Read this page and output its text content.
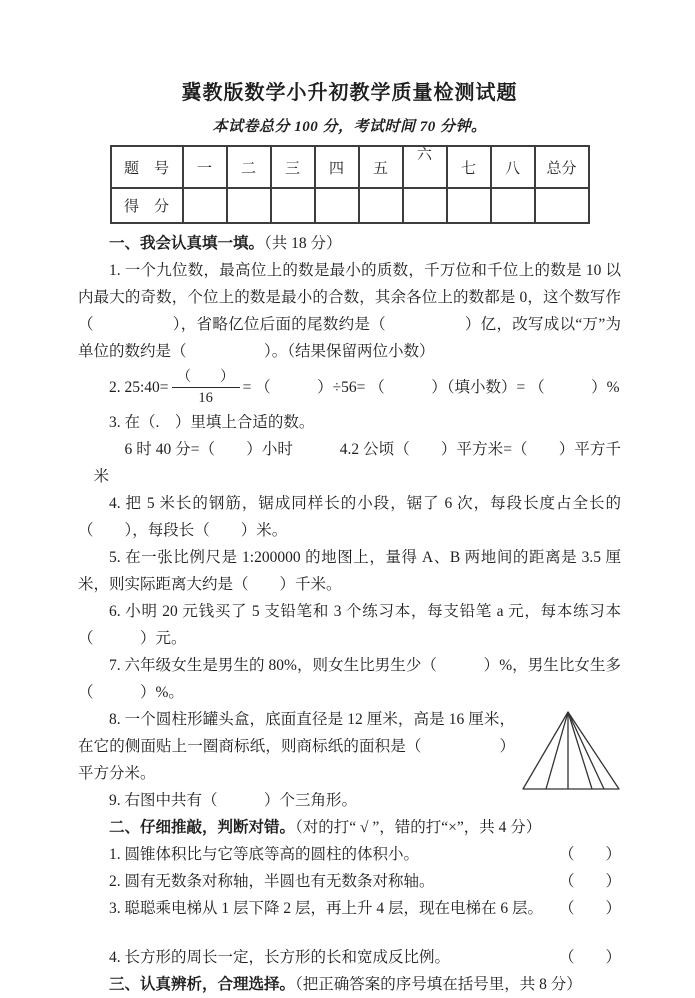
冀教版数学小升初教学质量检测试题
本试卷总分 100 分，考试时间 70 分钟。
题　号	一	二	三	四	五	六	七	八	总分
得　分									

一、我会认真填一填。（共 18 分）

1. 一个九位数，最高位上的数是最小的质数，千万位和千位上的数是 10 以内最大的奇数，个位上的数是最小的合数，其余各位上的数都是 0，这个数写作（　　　　　），省略亿位后面的尾数约是（　　　　　）亿，改写成以“万”为单位的数约是（　　　　　）。（结果保留两位小数）

2. 25:40= $\frac{( )}{16}$ = （　　　）÷56= （　　　）（填小数）= （　　　）%

3. 在（.　）里填上合适的数。

6 时 40 分=（　　）小时　　　4.2 公顷（　　）平方米=（　　）平方千米

4. 把 5 米长的钢筋，锯成同样长的小段，锯了 6 次，每段长度占全长的（　　），每段长（　　）米。

5. 在一张比例尺是 1:200000 的地图上，量得 A、B 两地间的距离是 3.5 厘米，则实际距离大约是（　　）千米。

6. 小明 20 元钱买了 5 支铅笔和 3 个练习本，每支铅笔 a 元，每本练习本（　　　）元。

7. 六年级女生是男生的 80%，则女生比男生少（　　　）%，男生比女生多（　　　）%。

8. 一个圆柱形罐头盒，底面直径是 12 厘米，高是 16 厘米，在它的侧面贴上一圈商标纸，则商标纸的面积是（　　　　　）平方分米。

9. 右图中共有（　　　）个三角形。

二、仔细推敲，判断对错。（对的打“ √ ”，错的打“×”，共 4 分）

1. 圆锥体积比与它等底等高的圆柱的体积小。	（　　）
2. 圆有无数条对称轴，半圆也有无数条对称轴。	（　　）
3. 聪聪乘电梯从 1 层下降 2 层，再上升 4 层，现在电梯在 6 层。 （　　）
4. 长方形的周长一定，长方形的长和宽成反比例。	（　　）

三、认真辨析，合理选择。（把正确答案的序号填在括号里，共 8 分）
